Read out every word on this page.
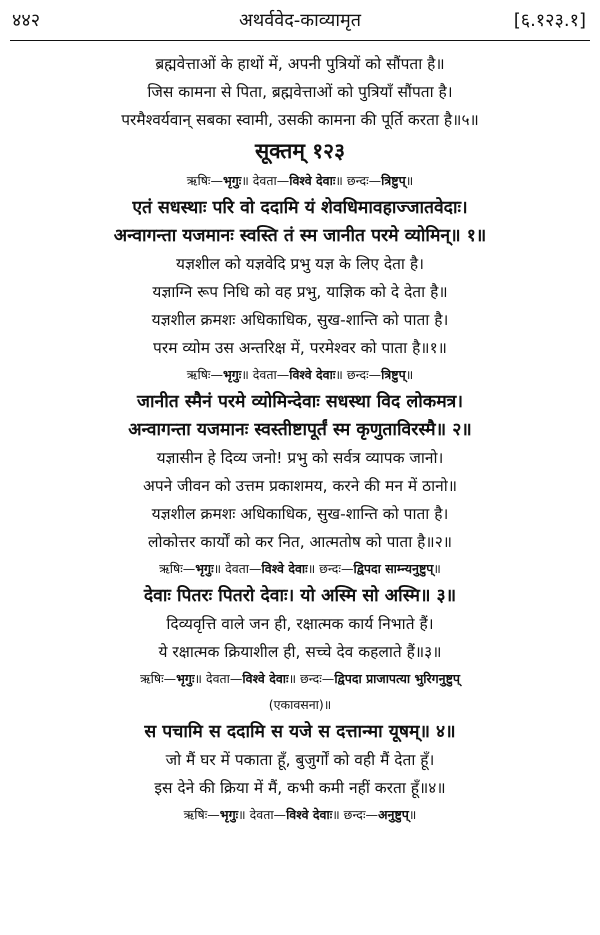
४४२	अथर्ववेद-काव्यामृत	[६.१२३.१]
ब्रह्मवेत्ताओं के हाथों में, अपनी पुत्रियों को सौंपता है॥
जिस कामना से पिता, ब्रह्मवेत्ताओं को पुत्रियाँ सौंपता है।
परमैश्वर्यवान् सबका स्वामी, उसकी कामना की पूर्ति करता है॥५॥
सूक्तम् १२३
ऋषिः—भृगुः॥ देवता—विश्वे देवाः॥ छन्दः—त्रिष्टुप्॥
एतं सधस्थाः परि वो ददामि यं शेवधिमावहाज्जातवेदाः।
अन्वागन्ता यजमानः स्वस्ति तं स्म जानीत परमे व्योमिन्॥ १॥
यज्ञशील को यज्ञवेदि प्रभु यज्ञ के लिए देता है।
यज्ञाग्नि रूप निधि को वह प्रभु, याज्ञिक को दे देता है॥
यज्ञशील क्रमशः अधिकाधिक, सुख-शान्ति को पाता है।
परम व्योम उस अन्तरिक्ष में, परमेश्वर को पाता है॥१॥
ऋषिः—भृगुः॥ देवता—विश्वे देवाः॥ छन्दः—त्रिष्टुप्॥
जानीत स्मैनं परमे व्योमिन्देवाः सधस्था विद लोकमत्र।
अन्वागन्ता यजमानः स्वस्तीष्टापूर्तं स्म कृणुताविरस्मै॥ २॥
यज्ञासीन हे दिव्य जनो! प्रभु को सर्वत्र व्यापक जानो।
अपने जीवन को उत्तम प्रकाशमय, करने की मन में ठानो॥
यज्ञशील क्रमशः अधिकाधिक, सुख-शान्ति को पाता है।
लोकोत्तर कार्यों को कर नित, आत्मतोष को पाता है॥२॥
ऋषिः—भृगुः॥ देवता—विश्वे देवाः॥ छन्दः—द्विपदा साम्न्यनुष्टुप्॥
देवाः पितरः पितरो देवाः। यो अस्मि सो अस्मि॥ ३॥
दिव्यवृत्ति वाले जन ही, रक्षात्मक कार्य निभाते हैं।
ये रक्षात्मक क्रियाशील ही, सच्चे देव कहलाते हैं॥३॥
ऋषिः—भृगुः॥ देवता—विश्वे देवाः॥ छन्दः—द्विपदा प्राजापत्या भुरिगनुष्टुप्
(एकावसना)॥
स पचामि स ददामि स यजे स दत्तान्मा यूषम्॥ ४॥
जो मैं घर में पकाता हूँ, बुजुर्गों को वही मैं देता हूँ।
इस देने की क्रिया में मैं, कभी कमी नहीं करता हूँ॥४॥
ऋषिः—भृगुः॥ देवता—विश्वे देवाः॥ छन्दः—अनुष्टुप्॥
